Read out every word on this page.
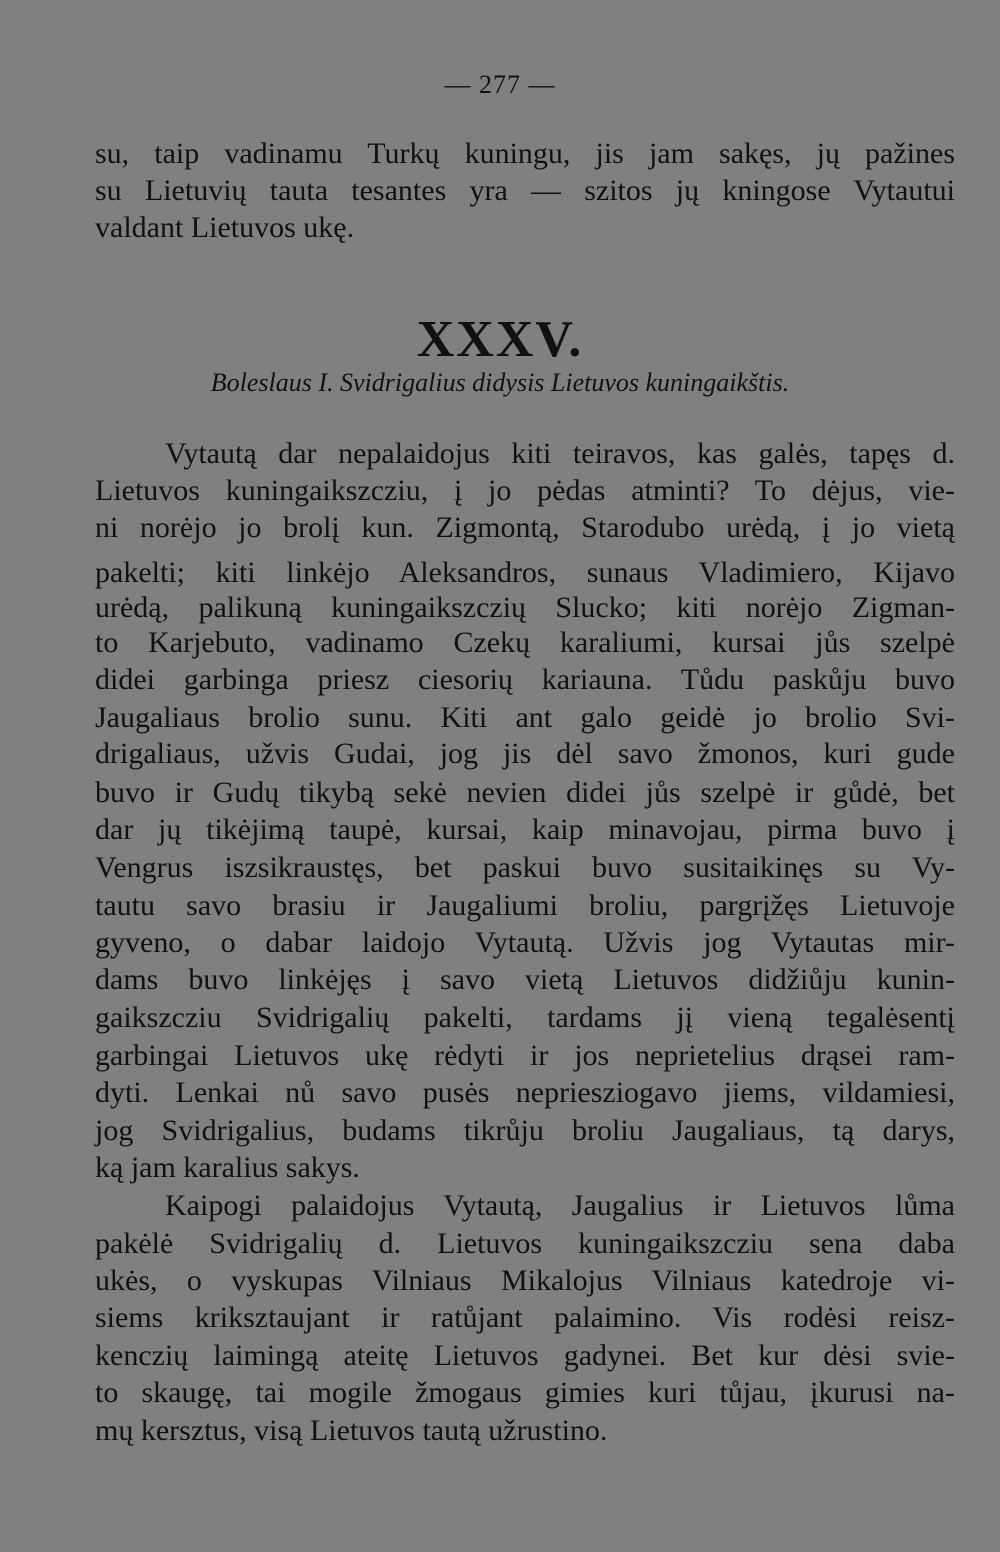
— 277 —
su, taip vadinamu Turkų kuningu, jis jam sakęs, jų pažines
su Lietuvių tauta tesantes yra — szitos jų kningose Vytautui
valdant Lietuvos ukę.
XXXV.
Boleslaus I. Svidrigalius didysis Lietuvos kuningaikštis.
Vytautą dar nepalaidojus kiti teiravos, kas galės, tapęs d.
Lietuvos kuningaikszcziu, į jo pėdas atminti? To dėjus, vie-
ni norėjo jo brolį kun. Zigmontą, Starodubo urėdą, į jo vietą
pakelti; kiti linkėjo Aleksandros, sunaus Vladimiero, Kijavo
urėdą, palikuną kuningaikszczių Slucko; kiti norėjo Zigman-
to Karjebuto, vadinamo Czekų karaliumi, kursai jůs szelpė
didei garbinga priesz ciesorių kariauna. Tůdu paskůju buvo
Jaugaliaus brolio sunu. Kiti ant galo geidė jo brolio Svi-
drigaliaus, užvis Gudai, jog jis dėl savo žmonos, kuri gude
buvo ir Gudų tikybą sekė nevien didei jůs szelpė ir gůdė, bet
dar jų tikėjimą taupė, kursai, kaip minavojau, pirma buvo į
Vengrus iszsikraustęs, bet paskui buvo susitaikinęs su Vy-
tautu savo brasiu ir Jaugaliumi broliu, pargrįžęs Lietuvoje
gyveno, o dabar laidojo Vytautą. Užvis jog Vytautas mir-
dams buvo linkėjęs į savo vietą Lietuvos didžiůju kunin-
gaikszcziu Svidrigalių pakelti, tardams jį vieną tegalėsentį
garbingai Lietuvos ukę rėdyti ir jos neprietelius drąsei ram-
dyti. Lenkai nů savo pusės nepriesziogavo jiems, vildamiesi,
jog Svidrigalius, budams tikrůju broliu Jaugaliaus, tą darys,
ką jam karalius sakys.
Kaipogi palaidojus Vytautą, Jaugalius ir Lietuvos lůma
pakėlė Svidrigalių d. Lietuvos kuningaikszcziu sena daba
ukės, o vyskupas Vilniaus Mikalojus Vilniaus katedroje vi-
siems kriksztaujant ir ratůjant palaimino. Vis rodėsi reisz-
kenczių laimingą ateitę Lietuvos gadynei. Bet kur dėsi svie-
to skaugę, tai mogile žmogaus gimies kuri tůjau, įkurusi na-
mų kersztus, visą Lietuvos tautą užrustino.
